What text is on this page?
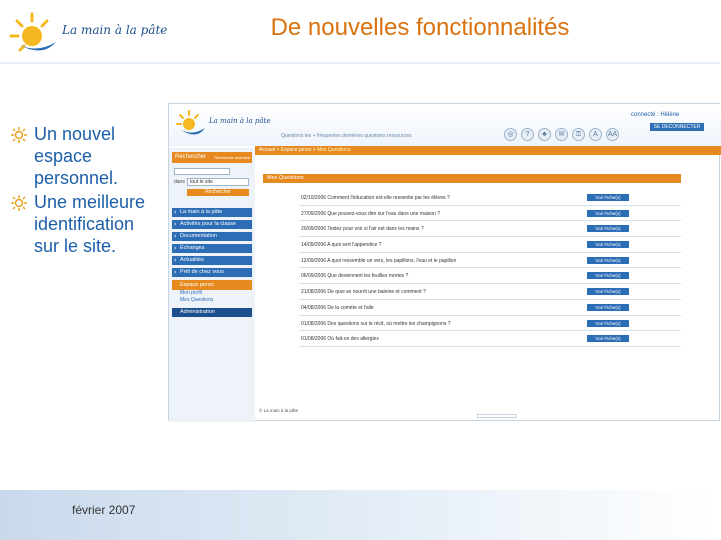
La main à la pâte	De nouvelles fonctionnalités
Un nouvel espace personnel.
Une meilleure identification sur le site.
La main à la pâte
Questions les + fréquentes dernières questions ressources
connecté : Hélène
SE DECONNECTER
◎	?	♣	✉	⚿	A	AA
Rechercher Recherche avancée
dans	tout le site
Rechercher
› La main à la pâte
› Activités pour la classe
› Documentation
› Échanges
› Actualités
› Prêt de chez vous
Espace perso
Mon profil
Mes Questions
Administration
Accueil > Espace perso > Mes Questions
Mes Questions
02/10/2006 Comment l'éducation est-elle ressentie par les élèves ?	Voir Fiche(s)
27/09/2006 Que pouvez-vous dire sur l'eau dans une maison ?	Voir Fiche(s)
20/09/2006 Testez pour voir si l'air est dans les mains ?	Voir Fiche(s)
14/09/2006 A quoi sert l'appendice ?	Voir Fiche(s)
12/09/2006 A quoi ressemble un vers, les papillons, l'eau et le papillon	Voir Fiche(s)
06/09/2006 Que deviennent les feuilles mortes ?	Voir Fiche(s)
21/08/2006 De quoi se nourrit une baleine et comment ?	Voir Fiche(s)
04/08/2006 De la comète et l'aile	Voir Fiche(s)
01/08/2006 Des questions sur le récit, où mettre les champignons ?	Voir Fiche(s)
01/08/2006 Où fait-on des allergies	Voir Fiche(s)
© La main à la pâte
février 2007
